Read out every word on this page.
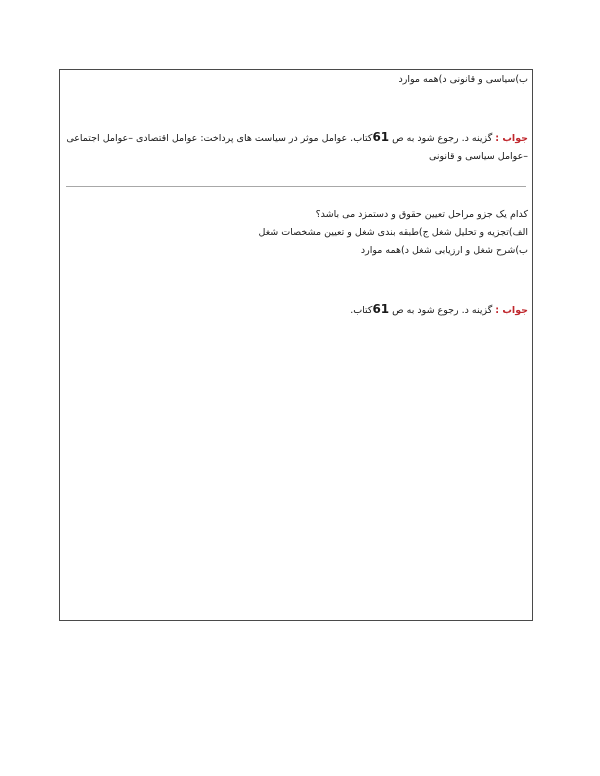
ب)سیاسی و قانونی د)همه موارد
جواب : گزینه د. رجوع شود به ص 61کتاب. عوامل موثر در سیاست های پرداخت: عوامل اقتصادی –عوامل اجتماعی –عوامل سیاسی و قانونی
کدام یک جزو مراحل تعیین حقوق و دستمزد می باشد؟
الف)تجزیه و تحلیل شغل ج)طبقه بندی شغل و تعیین مشخصات شغل
ب)شرح شغل و ارزیابی شغل د)همه موارد
جواب : گزینه د. رجوع شود به ص 61کتاب.
